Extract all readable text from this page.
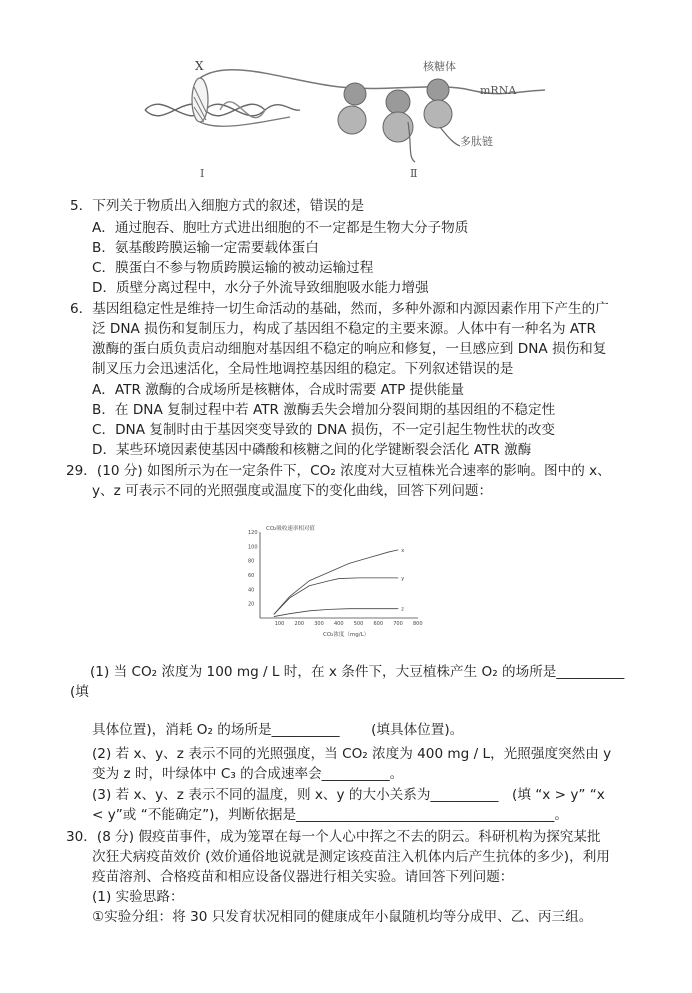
X	核糖体
mRNA
多肽链
Ⅰ	Ⅱ
5．下列关于物质出入细胞方式的叙述，错误的是
A．通过胞吞、胞吐方式进出细胞的不一定都是生物大分子物质
B．氨基酸跨膜运输一定需要载体蛋白
C．膜蛋白不参与物质跨膜运输的被动运输过程
D．质壁分离过程中，水分子外流导致细胞吸水能力增强
6．基因组稳定性是维持一切生命活动的基础，然而，多种外源和内源因素作用下产生的广
泛 DNA 损伤和复制压力，构成了基因组不稳定的主要来源。人体中有一种名为 ATR
激酶的蛋白质负责启动细胞对基因组不稳定的响应和修复，一旦感应到 DNA 损伤和复
制叉压力会迅速活化，全局性地调控基因组的稳定。下列叙述错误的是
A．ATR 激酶的合成场所是核糖体，合成时需要 ATP 提供能量
B．在 DNA 复制过程中若 ATR 激酶丢失会增加分裂间期的基因组的不稳定性
C．DNA 复制时由于基因突变导致的 DNA 损伤，不一定引起生物性状的改变
D．某些环境因素使基因中磷酸和核糖之间的化学键断裂会活化 ATR 激酶
29．(10 分) 如图所示为在一定条件下，CO₂ 浓度对大豆植株光合速率的影响。图中的 x、
y、z 可表示不同的光照强度或温度下的变化曲线，回答下列问题：
CO₂吸收速率相对值
CO₂浓度（mg/L）
100 200 300 400 500 600 700 800
20
40
60
80
100
120
x
y
z
(1) 当 CO₂ 浓度为 100 mg / L 时，在 x 条件下，大豆植株产生 O₂ 的场所是__________
(填
具体位置)，消耗 O₂ 的场所是__________　　 (填具体位置)。
(2) 若 x、y、z 表示不同的光照强度，当 CO₂ 浓度为 400 mg / L，光照强度突然由 y
变为 z 时，叶绿体中 C₃ 的合成速率会__________。
(3) 若 x、y、z 表示不同的温度，则 x、y 的大小关系为__________　(填 “x > y” “x
< y”或 “不能确定”)，判断依据是______________________________________。
30．(8 分) 假疫苗事件，成为笼罩在每一个人心中挥之不去的阴云。科研机构为探究某批
次狂犬病疫苗效价 (效价通俗地说就是测定该疫苗注入机体内后产生抗体的多少)，利用
疫苗溶剂、合格疫苗和相应设备仪器进行相关实验。请回答下列问题：
(1) 实验思路：
①实验分组：将 30 只发育状况相同的健康成年小鼠随机均等分成甲、乙、丙三组。
